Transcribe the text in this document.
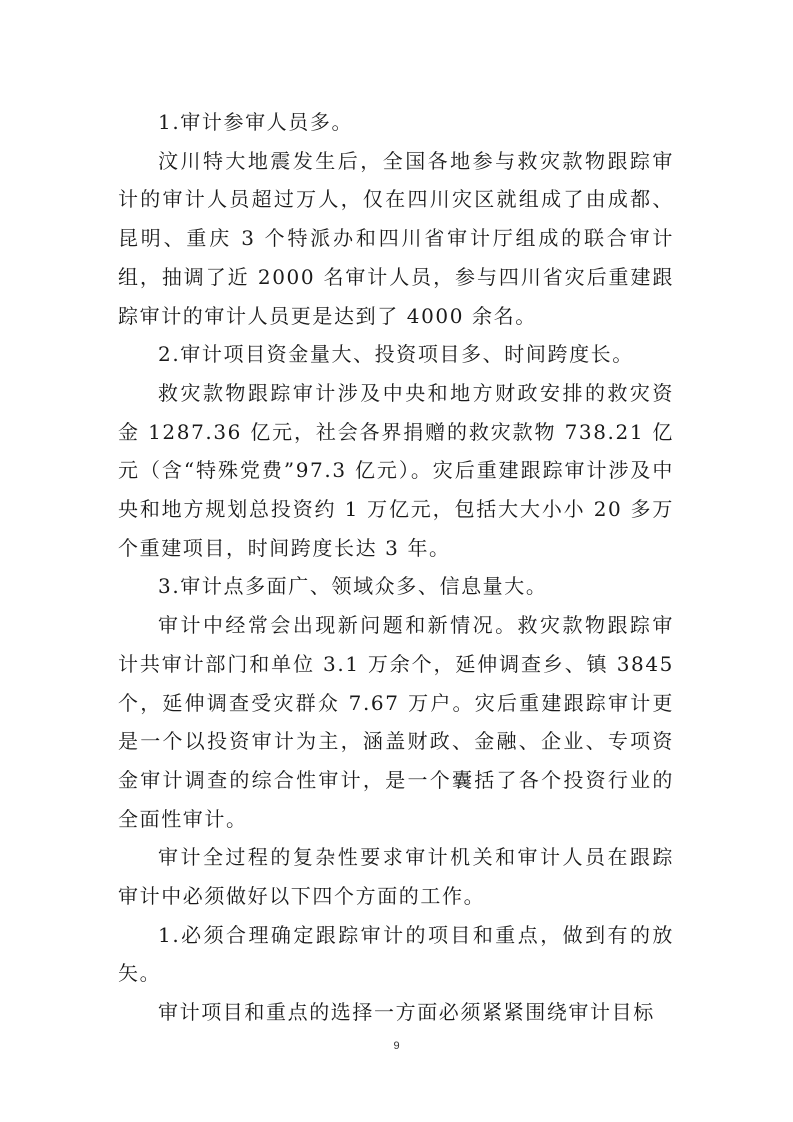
1.审计参审人员多。

汶川特大地震发生后，全国各地参与救灾款物跟踪审计的审计人员超过万人，仅在四川灾区就组成了由成都、昆明、重庆 3 个特派办和四川省审计厅组成的联合审计组，抽调了近 2000 名审计人员，参与四川省灾后重建跟踪审计的审计人员更是达到了 4000 余名。

2.审计项目资金量大、投资项目多、时间跨度长。

救灾款物跟踪审计涉及中央和地方财政安排的救灾资金 1287.36 亿元，社会各界捐赠的救灾款物 738.21 亿元（含“特殊党费”97.3 亿元）。灾后重建跟踪审计涉及中央和地方规划总投资约 1 万亿元，包括大大小小 20 多万个重建项目，时间跨度长达 3 年。

3.审计点多面广、领域众多、信息量大。

审计中经常会出现新问题和新情况。救灾款物跟踪审计共审计部门和单位 3.1 万余个，延伸调查乡、镇 3845 个，延伸调查受灾群众 7.67 万户。灾后重建跟踪审计更是一个以投资审计为主，涵盖财政、金融、企业、专项资金审计调查的综合性审计，是一个囊括了各个投资行业的全面性审计。

审计全过程的复杂性要求审计机关和审计人员在跟踪审计中必须做好以下四个方面的工作。

1.必须合理确定跟踪审计的项目和重点，做到有的放矢。

审计项目和重点的选择一方面必须紧紧围绕审计目标

9
